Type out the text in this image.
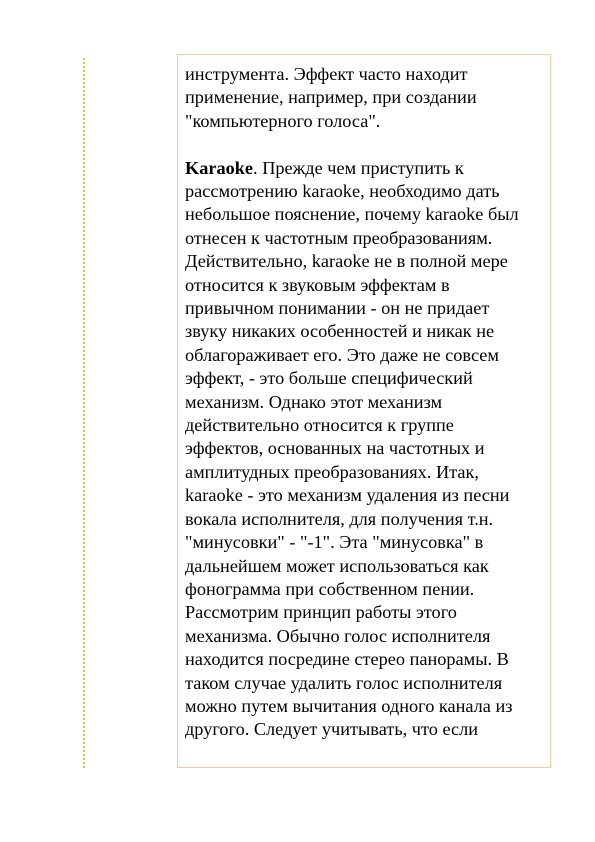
инструмента. Эффект часто находит

применение, например, при создании

"компьютерного голоса".

Karaoke. Прежде чем приступить к

рассмотрению karaoke, необходимо дать

небольшое пояснение, почему karaoke был

отнесен к частотным преобразованиям.

Действительно, karaoke не в полной мере

относится к звуковым эффектам в

привычном понимании - он не придает

звуку никаких особенностей и никак не

облагораживает его. Это даже не совсем

эффект, - это больше специфический

механизм. Однако этот механизм

действительно относится к группе

эффектов, основанных на частотных и

амплитудных преобразованиях. Итак,

karaoke - это механизм удаления из песни

вокала исполнителя, для получения т.н.

"минусовки" - "-1". Эта "минусовка" в

дальнейшем может использоваться как

фонограмма при собственном пении.

Рассмотрим принцип работы этого

механизма. Обычно голос исполнителя

находится посредине стерео панорамы. В

таком случае удалить голос исполнителя

можно путем вычитания одного канала из

другого. Следует учитывать, что если
